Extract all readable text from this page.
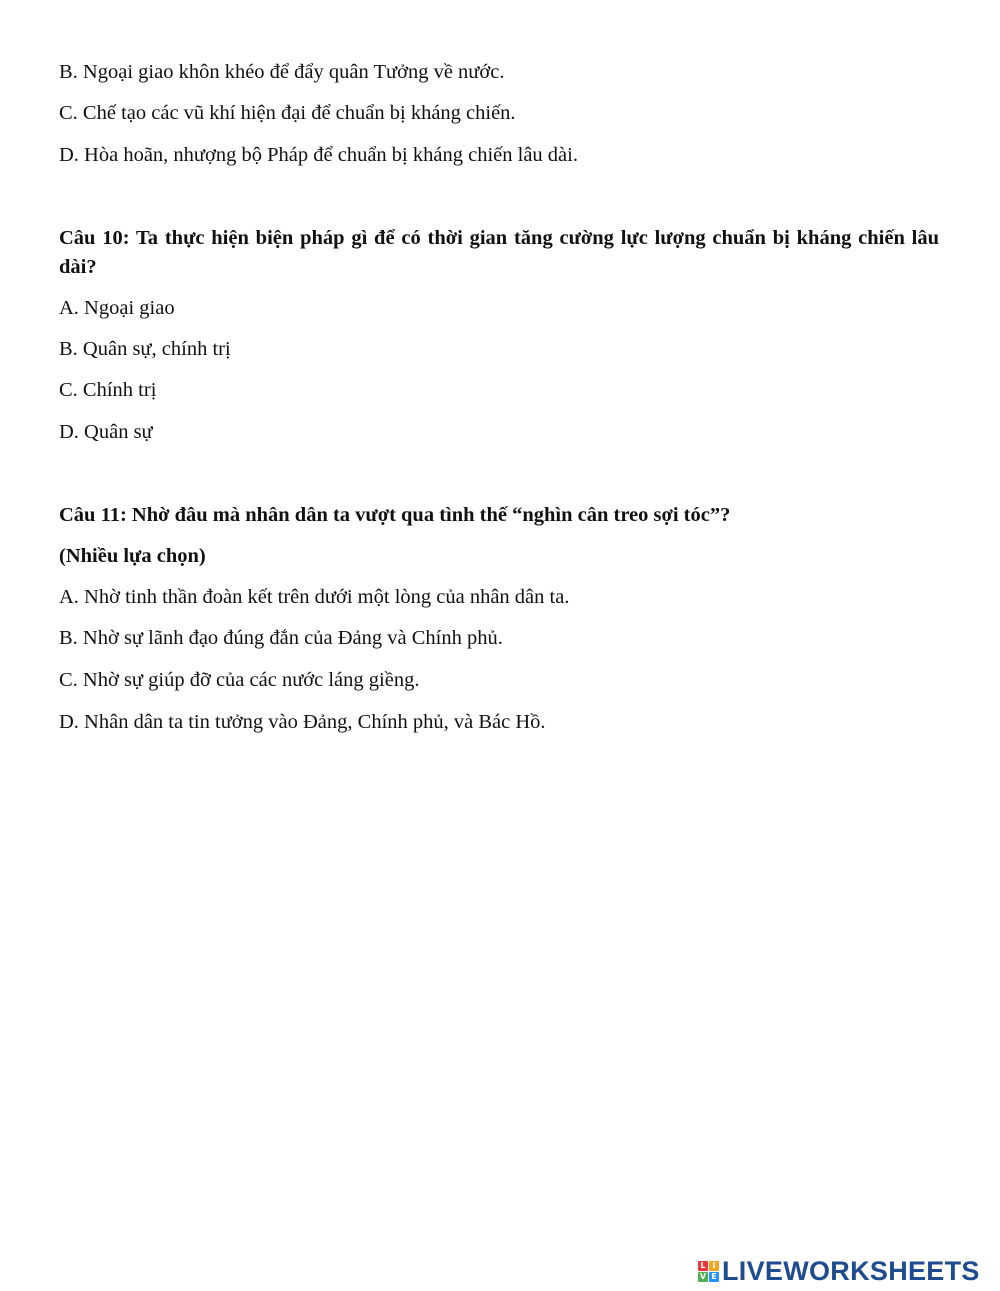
B. Ngoại giao khôn khéo để đẩy quân Tưởng về nước.
C. Chế tạo các vũ khí hiện đại để chuẩn bị kháng chiến.
D. Hòa hoãn, nhượng bộ Pháp để chuẩn bị kháng chiến lâu dài.
Câu 10: Ta thực hiện biện pháp gì để có thời gian tăng cường lực lượng chuẩn bị kháng chiến lâu dài?
A. Ngoại giao
B. Quân sự, chính trị
C. Chính trị
D. Quân sự
Câu 11: Nhờ đâu mà nhân dân ta vượt qua tình thế “nghìn cân treo sợi tóc”?
(Nhiều lựa chọn)
A. Nhờ tinh thần đoàn kết trên dưới một lòng của nhân dân ta.
B. Nhờ sự lãnh đạo đúng đắn của Đảng và Chính phủ.
C. Nhờ sự giúp đỡ của các nước láng giềng.
D. Nhân dân ta tin tưởng vào Đảng, Chính phủ, và Bác Hồ.
L I
V E LIVEWORKSHEETS
